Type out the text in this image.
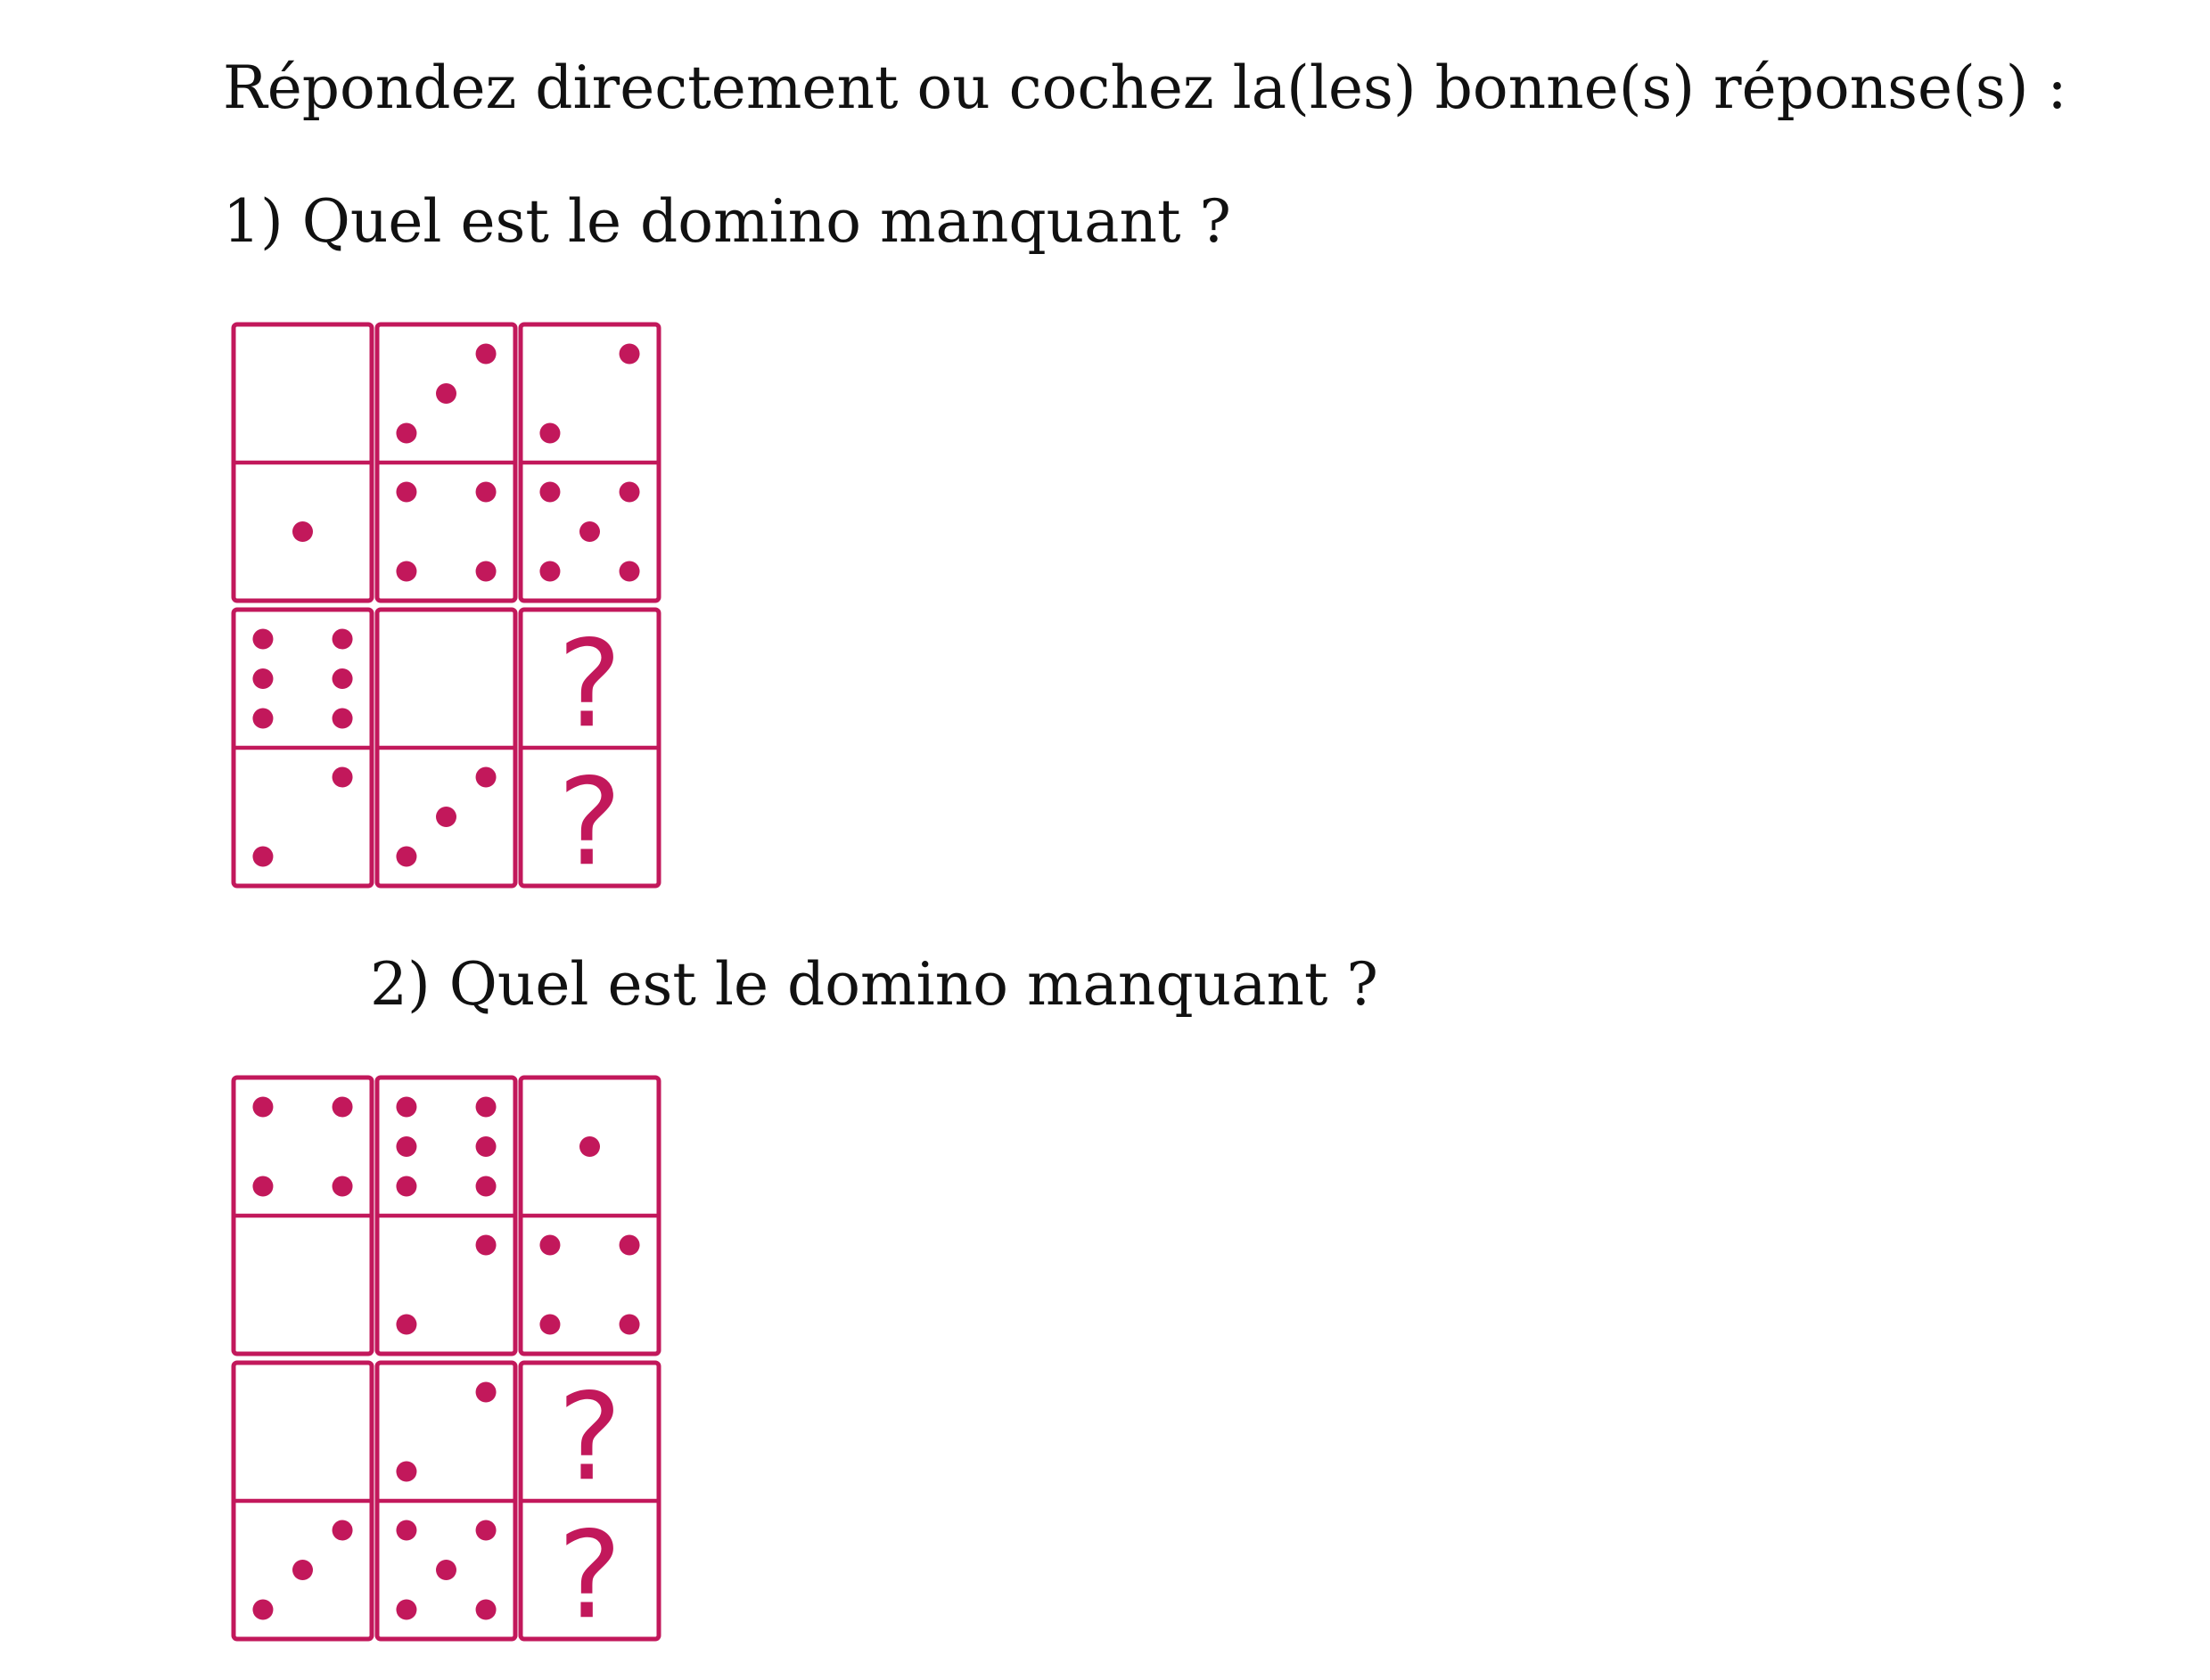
Répondez directement ou cochez la(les) bonne(s) réponse(s) :
1) Quel est le domino manquant ?
?
?
2) Quel est le domino manquant ?
?
?
